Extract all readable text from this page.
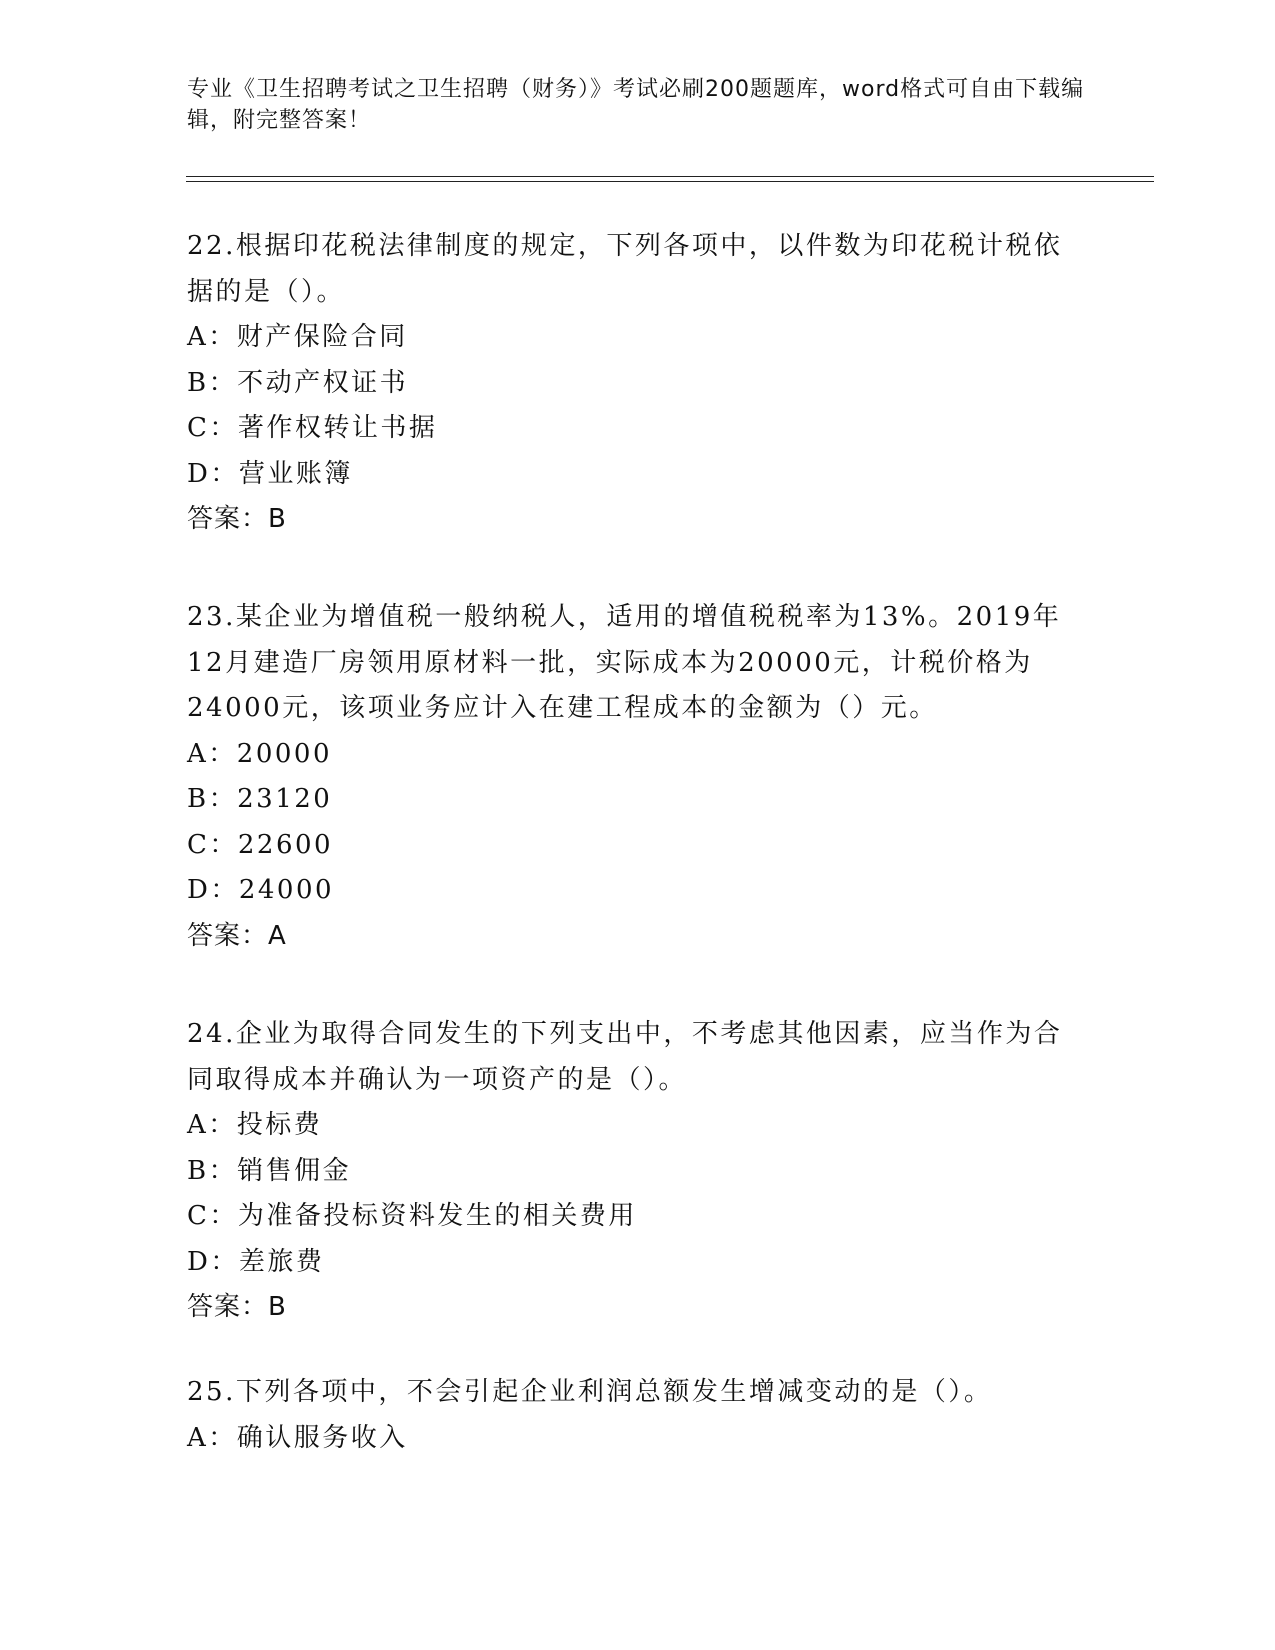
专业《卫生招聘考试之卫生招聘（财务）》考试必刷200题题库，word格式可自由下载编辑，附完整答案！

22.根据印花税法律制度的规定，下列各项中，以件数为印花税计税依据的是（）。

A：财产保险合同

B：不动产权证书

C：著作权转让书据

D：营业账簿

答案：B

23.某企业为增值税一般纳税人，适用的增值税税率为13%。2019年12月建造厂房领用原材料一批，实际成本为20000元，计税价格为24000元，该项业务应计入在建工程成本的金额为（）元。

A：20000

B：23120

C：22600

D：24000

答案：A

24.企业为取得合同发生的下列支出中，不考虑其他因素，应当作为合同取得成本并确认为一项资产的是（）。

A：投标费

B：销售佣金

C：为准备投标资料发生的相关费用

D：差旅费

答案：B

25.下列各项中，不会引起企业利润总额发生增减变动的是（）。

A：确认服务收入
